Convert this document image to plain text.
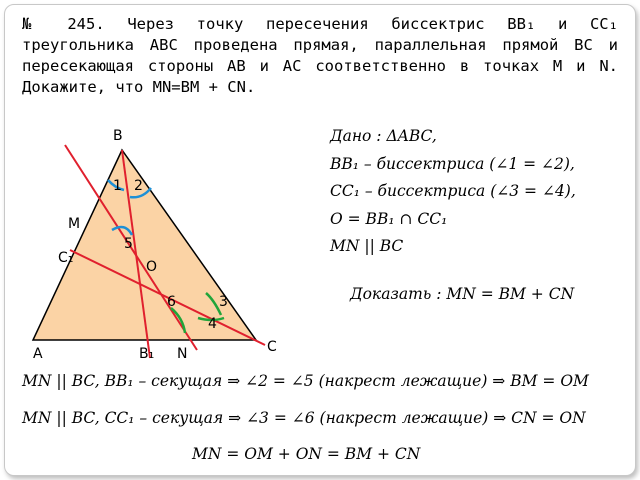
№ 245. Через точку пересечения биссектрис BB₁ и CC₁ треугольника ABC проведена прямая, параллельная прямой BC и пересекающая стороны AB и AC соответственно в точках M и N. Докажите, что MN=BM + CN.
B
M
C₁
O
A	B₁ N	C
1 2
5
6	3
4
Дано : ΔABC,
BB₁ – биссектриса (∠1 = ∠2),
CC₁ – биссектриса (∠3 = ∠4),
O = BB₁ ∩ CC₁
MN || BC
Доказать : MN = BM + CN
MN || BC, BB₁ – секущая ⇒ ∠2 = ∠5 (накрест лежащие) ⇒ BM = OM
MN || BC, CC₁ – секущая ⇒ ∠3 = ∠6 (накрест лежащие) ⇒ CN = ON
MN = OM + ON = BM + CN
